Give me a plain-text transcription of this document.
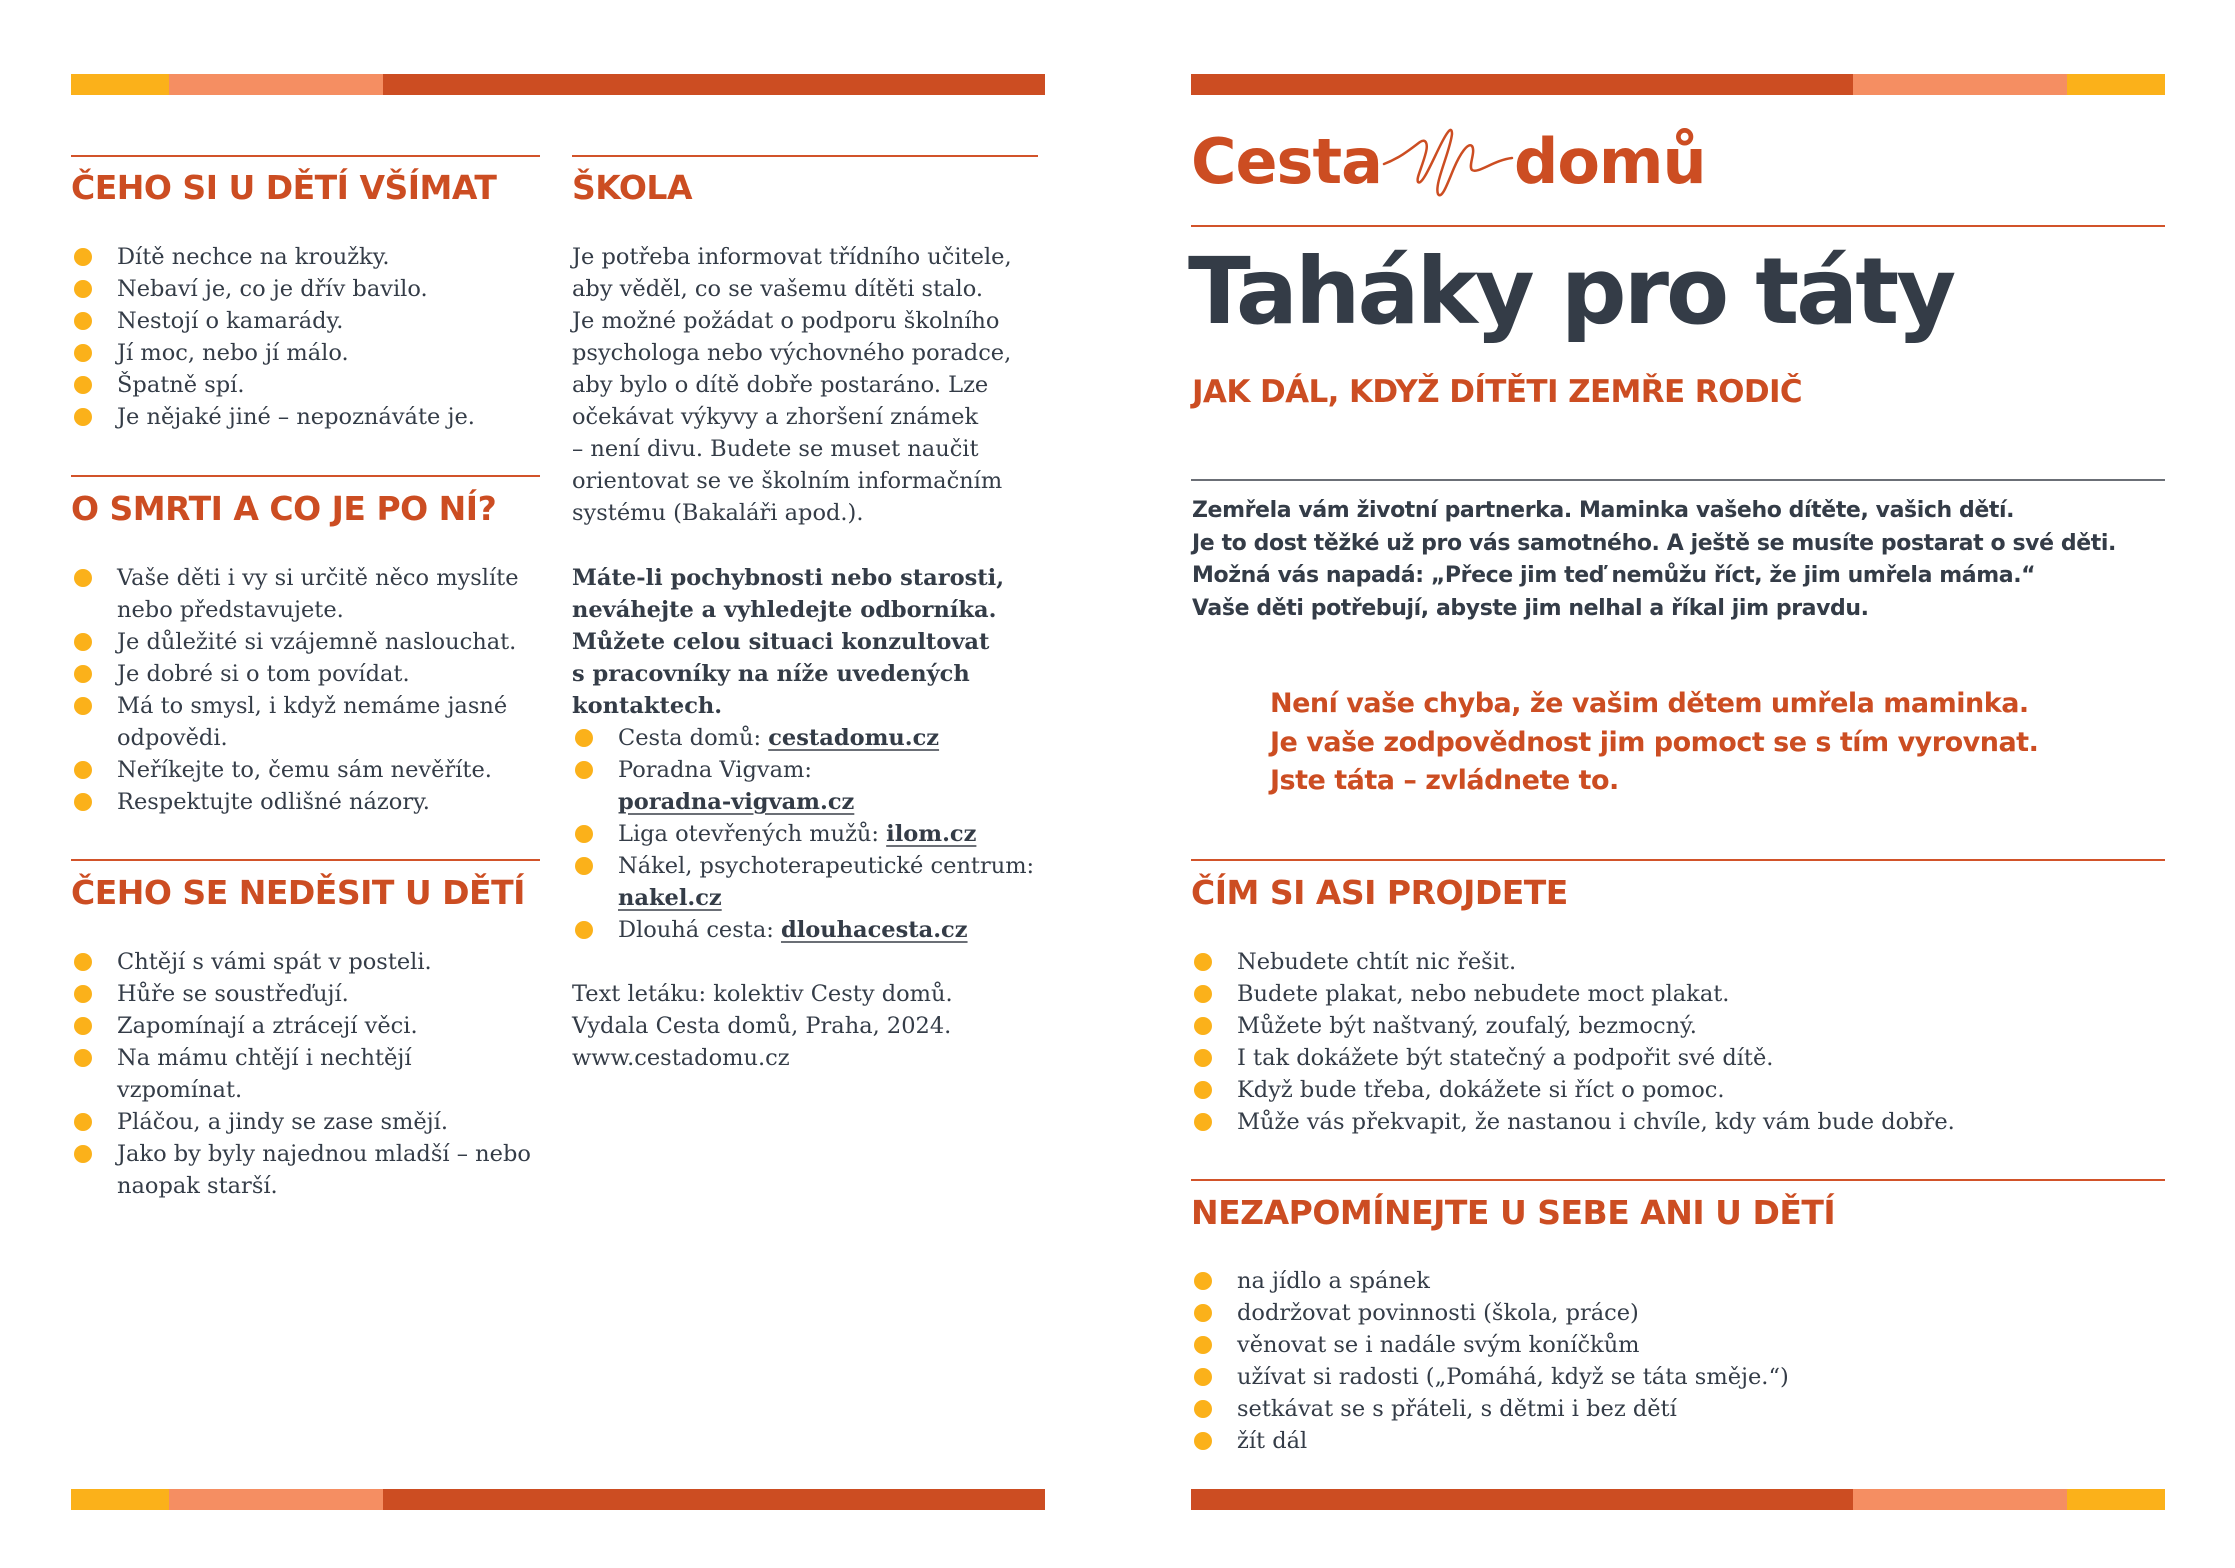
ČEHO SI U DĚTÍ VŠÍMAT
Dítě nechce na kroužky.
Nebaví je, co je dřív bavilo.
Nestojí o kamarády.
Jí moc, nebo jí málo.
Špatně spí.
Je nějaké jiné – nepoznáváte je.
O SMRTI A CO JE PO NÍ?
Vaše děti i vy si určitě něco myslíte nebo představujete.
Je důležité si vzájemně naslouchat.
Je dobré si o tom povídat.
Má to smysl, i když nemáme jasné odpovědi.
Neříkejte to, čemu sám nevěříte.
Respektujte odlišné názory.
ČEHO SE NEDĚSIT U DĚTÍ
Chtějí s vámi spát v posteli.
Hůře se soustřeďují.
Zapomínají a ztrácejí věci.
Na mámu chtějí i nechtějí vzpomínat.
Pláčou, a jindy se zase smějí.
Jako by byly najednou mladší – nebo naopak starší.
ŠKOLA
Je potřeba informovat třídního učitele,
aby věděl, co se vašemu dítěti stalo.
Je možné požádat o podporu školního
psychologa nebo výchovného poradce,
aby bylo o dítě dobře postaráno. Lze
očekávat výkyvy a zhoršení známek
– není divu. Budete se muset naučit
orientovat se ve školním informačním
systému (Bakaláři apod.).
Máte-li pochybnosti nebo starosti,
neváhejte a vyhledejte odborníka.
Můžete celou situaci konzultovat
s pracovníky na níže uvedených
kontaktech.
Cesta domů: cestadomu.cz
Poradna Vigvam:
poradna-vigvam.cz
Liga otevřených mužů: ilom.cz
Nákel, psychoterapeutické centrum:
nakel.cz
Dlouhá cesta: dlouhacesta.cz
Text letáku: kolektiv Cesty domů.
Vydala Cesta domů, Praha, 2024.
www.cestadomu.cz
Cesta domů
Taháky pro táty
JAK DÁL, KDYŽ DÍTĚTI ZEMŘE RODIČ
Zemřela vám životní partnerka. Maminka vašeho dítěte, vašich dětí.
Je to dost těžké už pro vás samotného. A ještě se musíte postarat o své děti.
Možná vás napadá: „Přece jim teď nemůžu říct, že jim umřela máma.“
Vaše děti potřebují, abyste jim nelhal a říkal jim pravdu.
Není vaše chyba, že vašim dětem umřela maminka.
Je vaše zodpovědnost jim pomoct se s tím vyrovnat.
Jste táta – zvládnete to.
ČÍM SI ASI PROJDETE
Nebudete chtít nic řešit.
Budete plakat, nebo nebudete moct plakat.
Můžete být naštvaný, zoufalý, bezmocný.
I tak dokážete být statečný a podpořit své dítě.
Když bude třeba, dokážete si říct o pomoc.
Může vás překvapit, že nastanou i chvíle, kdy vám bude dobře.
NEZAPOMÍNEJTE U SEBE ANI U DĚTÍ
na jídlo a spánek
dodržovat povinnosti (škola, práce)
věnovat se i nadále svým koníčkům
užívat si radosti („Pomáhá, když se táta směje.“)
setkávat se s přáteli, s dětmi i bez dětí
žít dál
